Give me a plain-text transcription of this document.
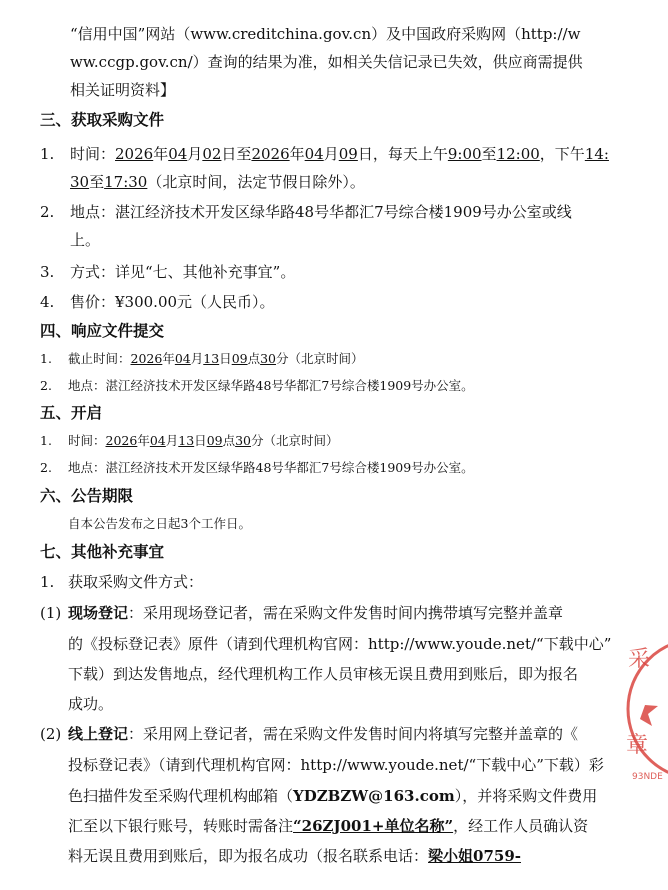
“信用中国”网站（www.creditchina.gov.cn）及中国政府采购网（http://w
ww.ccgp.gov.cn/）查询的结果为准，如相关失信记录已失效，供应商需提供
相关证明资料】
三、获取采购文件
1. 时间：2026年04月02日至2026年04月09日，每天上午9:00至12:00，下午14:
30至17:30（北京时间，法定节假日除外）。
2. 地点：湛江经济技术开发区绿华路48号华都汇7号综合楼1909号办公室或线
上。
3. 方式：详见“七、其他补充事宜”。
4. 售价：¥300.00元（人民币）。
四、响应文件提交
1. 截止时间：2026年04月13日09点30分（北京时间）
2. 地点：湛江经济技术开发区绿华路48号华都汇7号综合楼1909号办公室。
五、开启
1. 时间：2026年04月13日09点30分（北京时间）
2. 地点：湛江经济技术开发区绿华路48号华都汇7号综合楼1909号办公室。
六、公告期限
自本公告发布之日起3个工作日。
七、其他补充事宜
1. 获取采购文件方式：
(1) 现场登记：采用现场登记者，需在采购文件发售时间内携带填写完整并盖章
的《投标登记表》原件（请到代理机构官网：http://www.youde.net/“下载中心”
下载）到达发售地点，经代理机构工作人员审核无误且费用到账后，即为报名
成功。
(2) 线上登记：采用网上登记者，需在采购文件发售时间内将填写完整并盖章的《
投标登记表》（请到代理机构官网：http://www.youde.net/“下载中心”下载）彩
色扫描件发至采购代理机构邮箱（YDZBZW@163.com），并将采购文件费用
汇至以下银行账号，转账时需备注“26ZJ001+单位名称”，经工作人员确认资
料无误且费用到账后，即为报名成功（报名联系电话：梁小姐0759-
采
章
93NDE
